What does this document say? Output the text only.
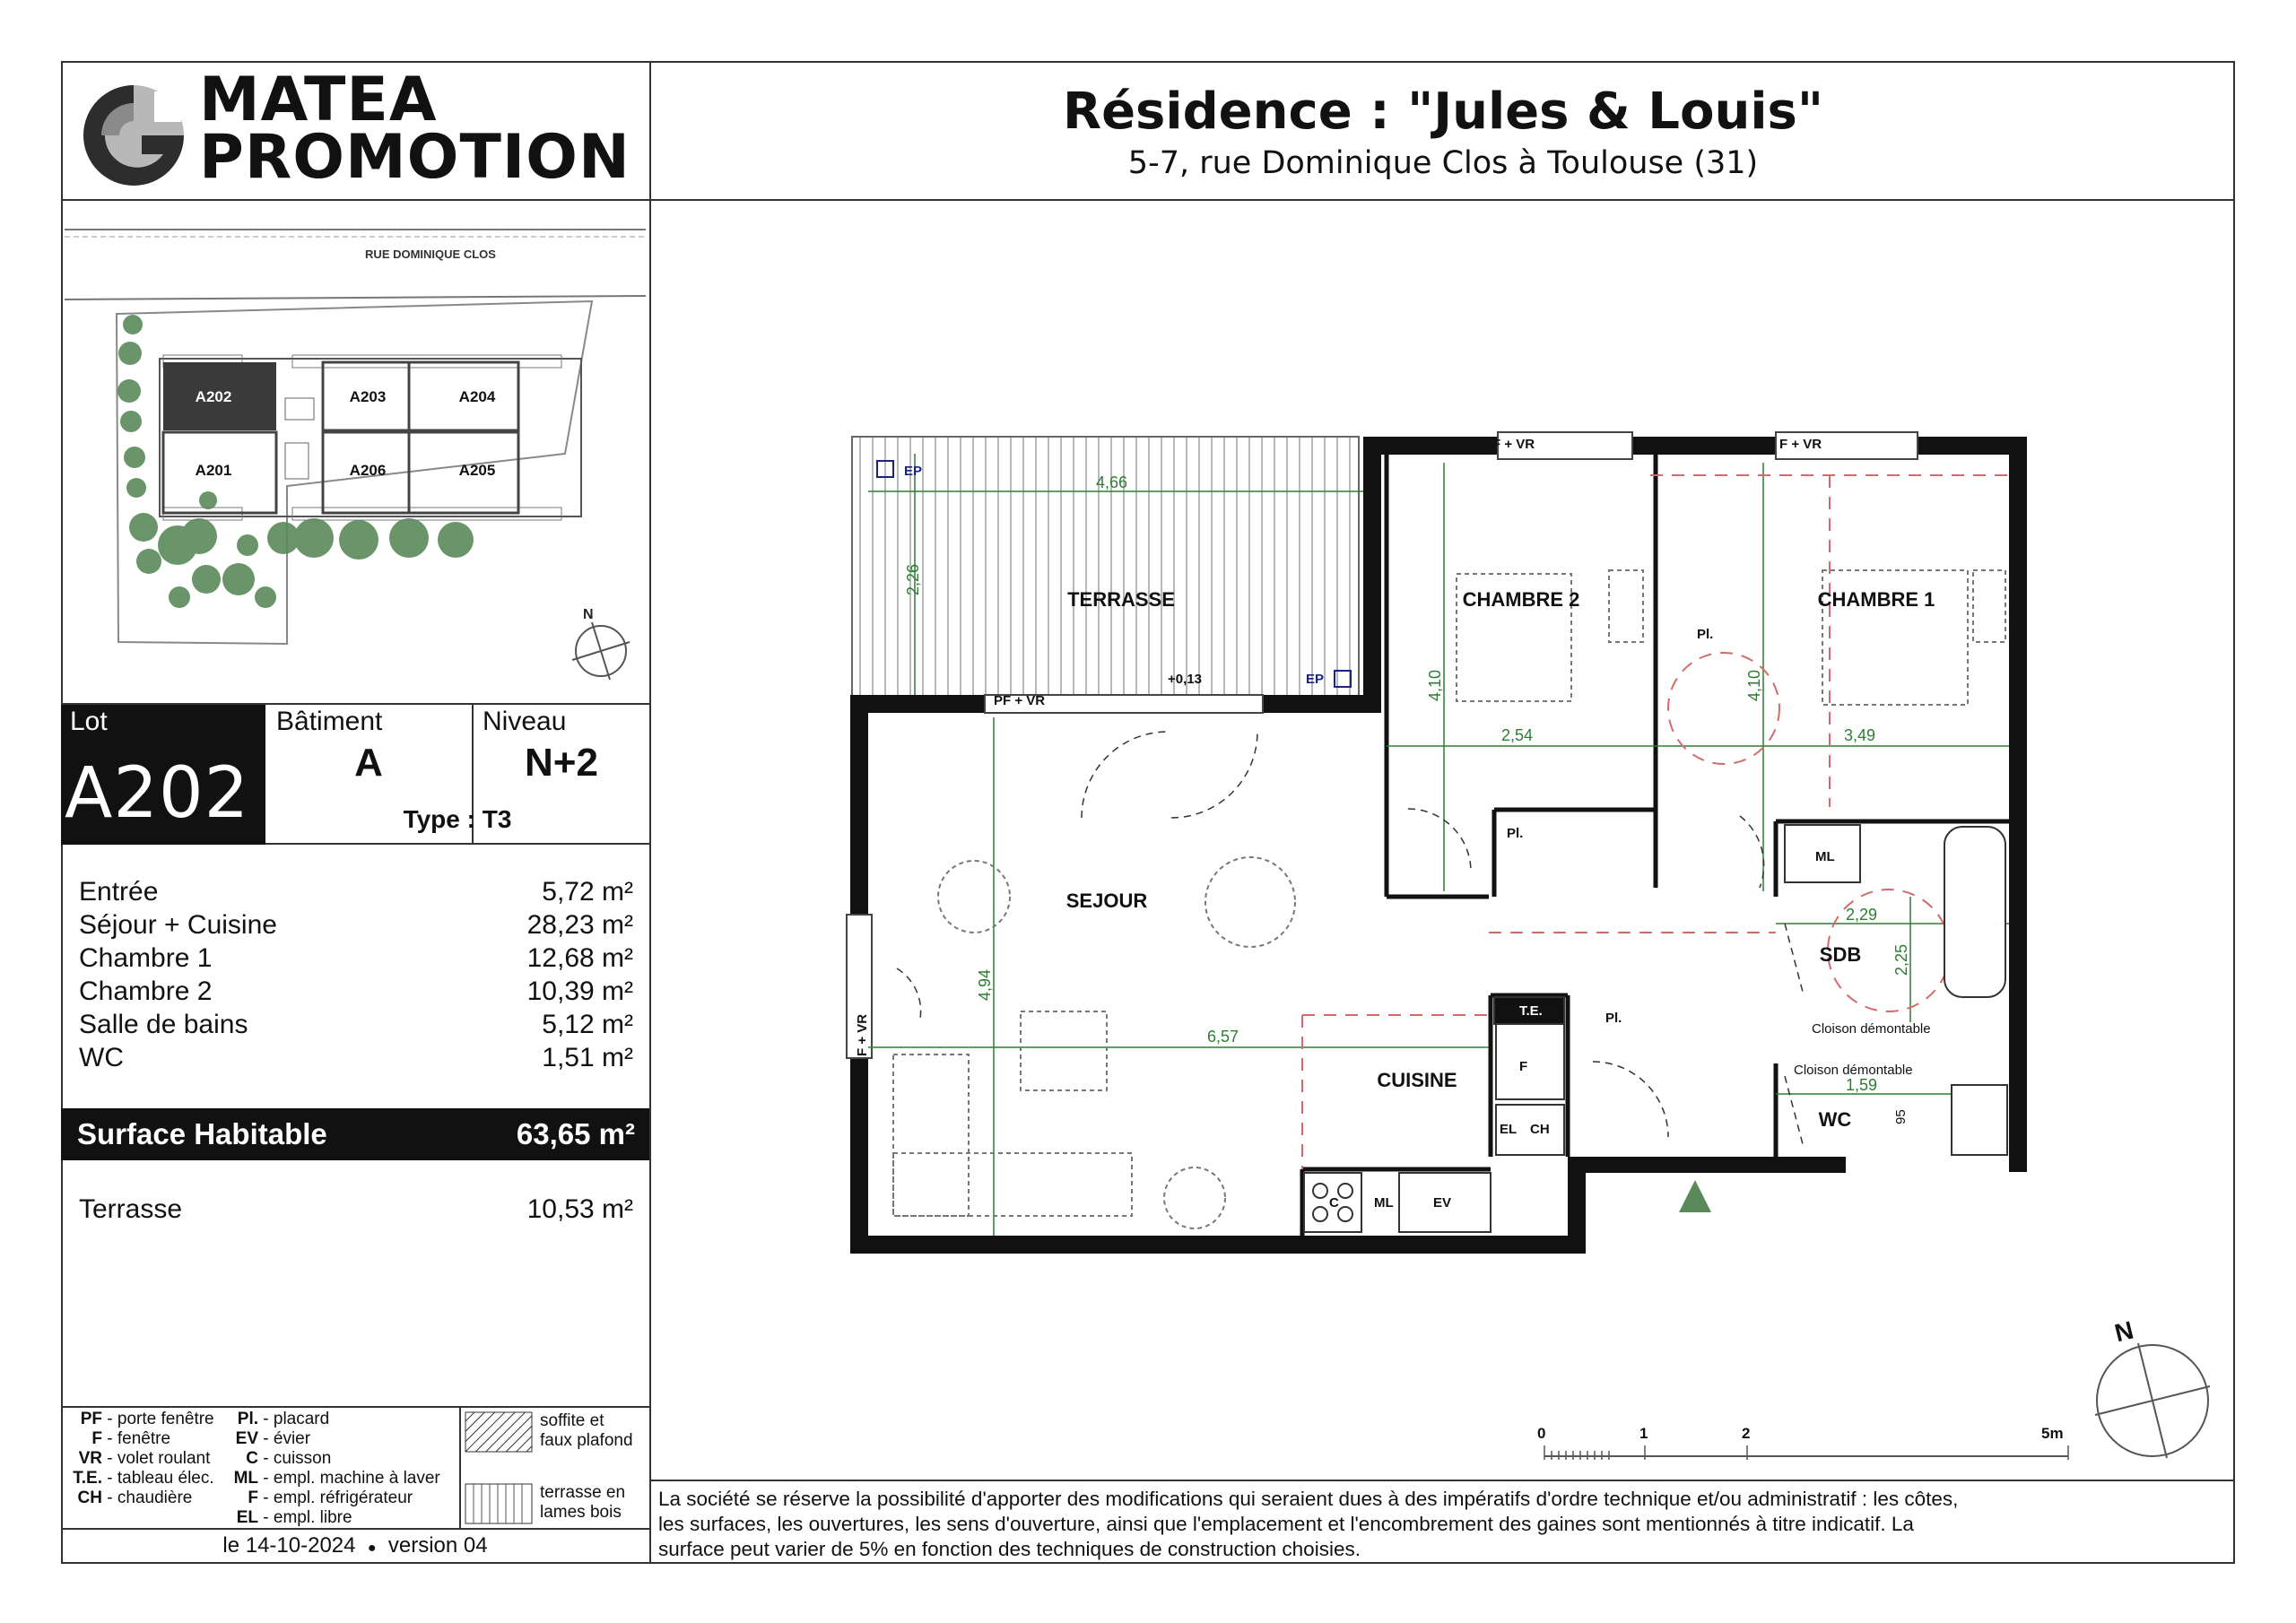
MATEA
PROMOTION
Résidence : "Jules & Louis"
5-7, rue Dominique Clos à Toulouse (31)
RUE DOMINIQUE CLOS
A202	A203	A204
A201	A206	A205
N
Lot
A202
Bâtiment
A
Niveau
N+2
Type : T3
Entrée	5,72 m²
Séjour + Cuisine	28,23 m²
Chambre 1	12,68 m²
Chambre 2	10,39 m²
Salle de bains	5,12 m²
WC	1,51 m²
Surface Habitable	63,65 m²
Terrasse	10,53 m²
PF - porte fenêtre
F - fenêtre
VR - volet roulant
T.E. - tableau élec.
CH - chaudière
Pl. - placard
EV - évier
C - cuisson
ML - empl. machine à laver
F - empl. réfrigérateur
EL - empl. libre
soffite et
faux plafond
terrasse en
lames bois
le 14-10-2024 ● version 04
La société se réserve la possibilité d'apporter des modifications qui seraient dues à des impératifs d'ordre technique et/ou administratif : les côtes,
les surfaces, les ouvertures, les sens d'ouverture, ainsi que l'emplacement et l'encombrement des gaines sont mentionnés à titre indicatif. La
surface peut varier de 5% en fonction des techniques de construction choisies.
TERRASSE	CHAMBRE 2	CHAMBRE 1
SEJOUR
CUISINE
SDB
WC
EP
EP
PF + VR
F + VR	F + VR
F + VR
+0,13
Pl.
Pl.
Pl.
ML
T.E.
F
EL CH
C	ML	EV
Cloison démontable
Cloison démontable
95
4,66
2,26
4,10	4,10
2,54	3,49
4,94
6,57
2,29
2,25
1,59
0	1	2	5m
N
